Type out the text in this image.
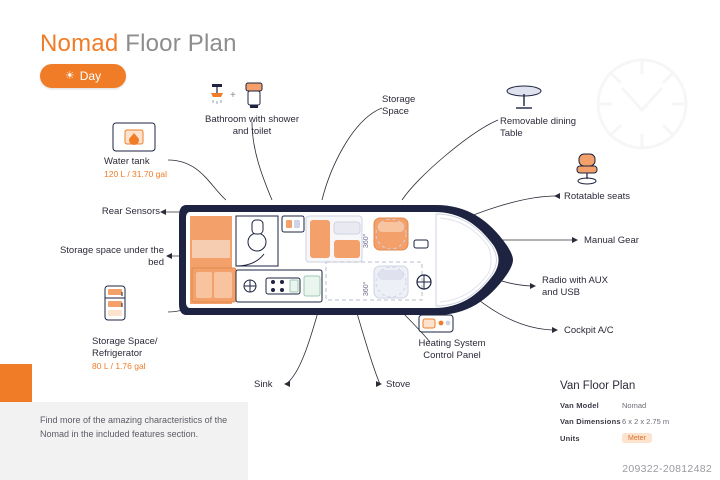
Nomad Floor Plan
☀ Day
360°
360°
+
Bathroom with shower and toilet
Storage Space
Removable dining Table
Rotatable seats
Manual Gear
Radio with AUX and USB
Cockpit A/C
Water tank
120 L / 31.70 gal
Rear Sensors
Storage space under the bed
Storage Space/ Refrigerator
80 L / 1.76 gal
Sink	Stove
Heating System Control Panel
Find more of the amazing characteristics of the Nomad in the included features section.
Van Floor Plan
Van Model	Nomad
Van Dimensions 6 x 2 x 2.75 m
Units	Meter
209322-20812482
